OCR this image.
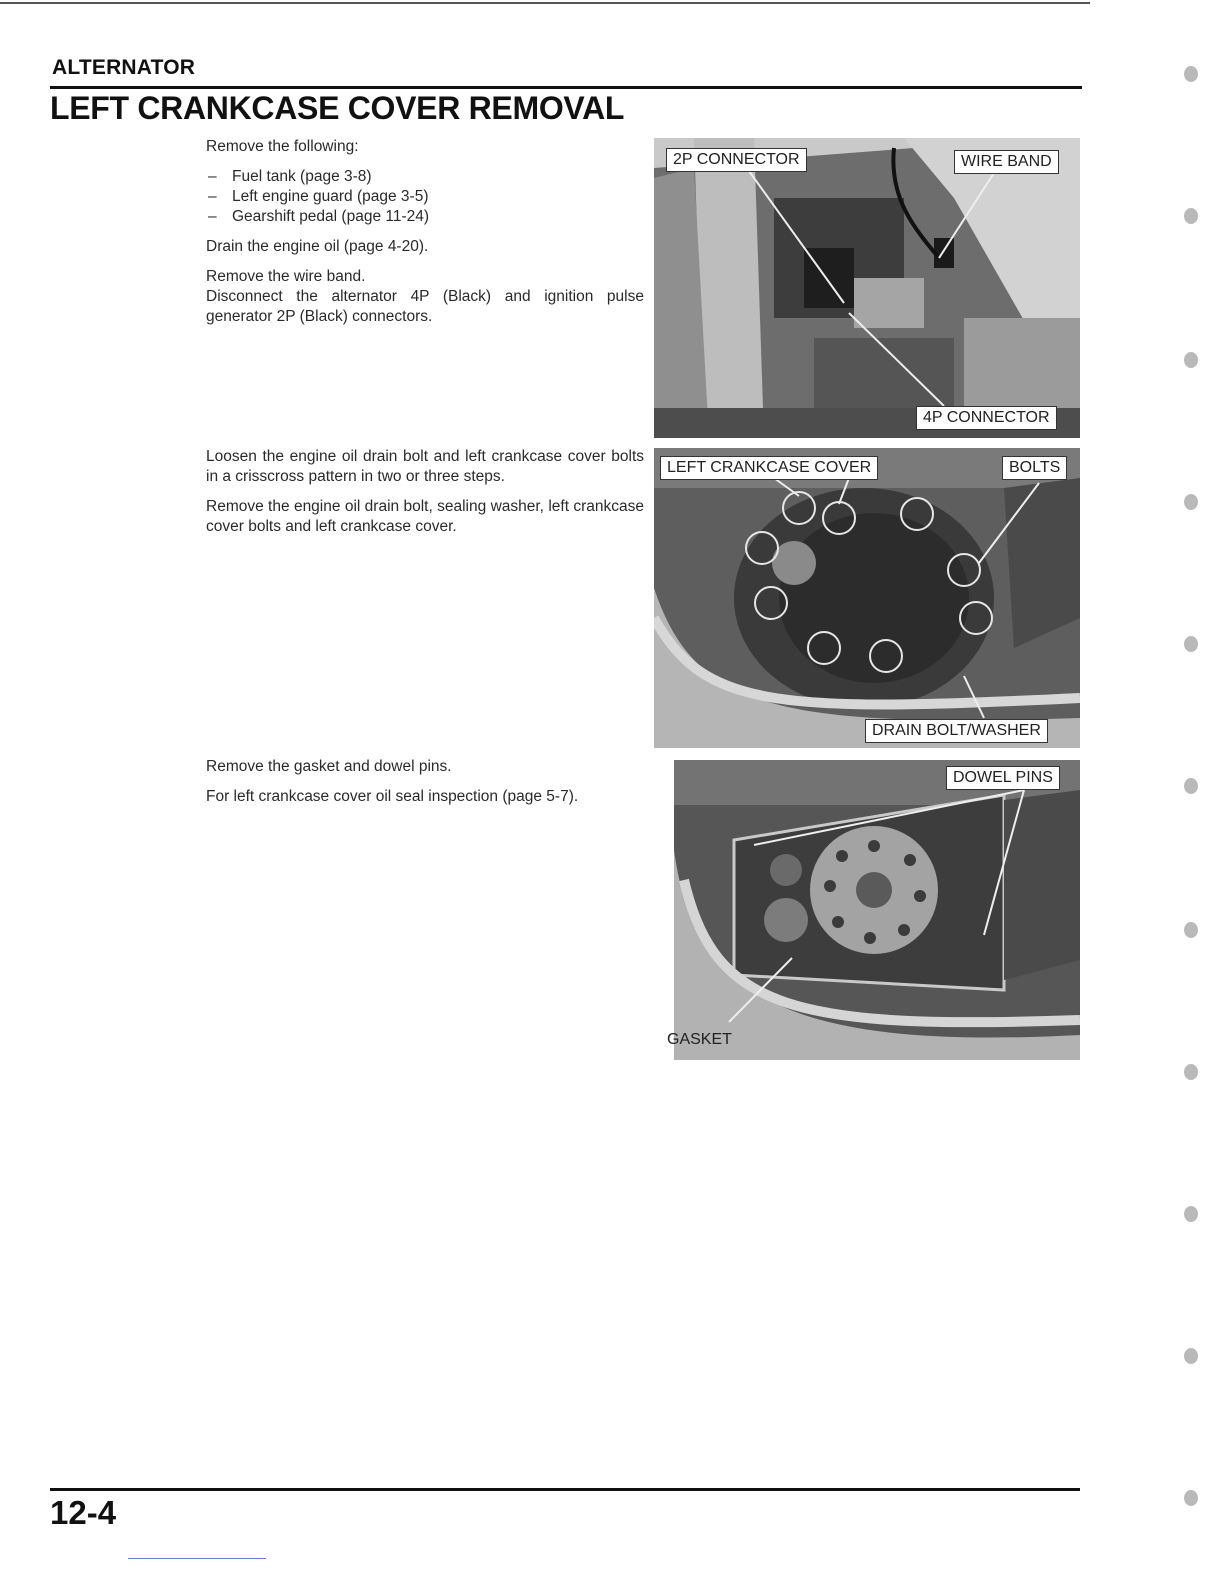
ALTERNATOR
LEFT CRANKCASE COVER REMOVAL

Remove the following:

– Fuel tank (page 3-8)
– Left engine guard (page 3-5)
– Gearshift pedal (page 11-24)

Drain the engine oil (page 4-20).

Remove the wire band.

Disconnect the alternator 4P (Black) and ignition pulse generator 2P (Black) connectors.

Loosen the engine oil drain bolt and left crankcase cover bolts in a crisscross pattern in two or three steps.

Remove the engine oil drain bolt, sealing washer, left crankcase cover bolts and left crankcase cover.

Remove the gasket and dowel pins.

For left crankcase cover oil seal inspection (page 5-7).

2P CONNECTOR	WIRE BAND
4P CONNECTOR
LEFT CRANKCASE COVER	BOLTS
DRAIN BOLT/WASHER
DOWEL PINS
GASKET
12-4
